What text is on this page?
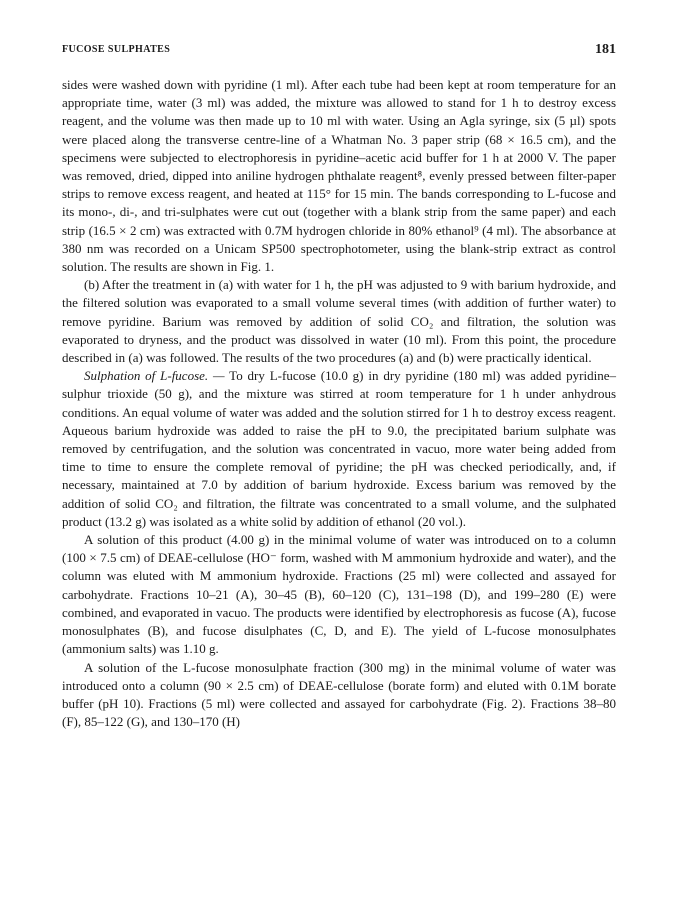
FUCOSE SULPHATES	181

sides were washed down with pyridine (1 ml). After each tube had been kept at room temperature for an appropriate time, water (3 ml) was added, the mixture was allowed to stand for 1 h to destroy excess reagent, and the volume was then made up to 10 ml with water. Using an Agla syringe, six (5 µl) spots were placed along the transverse centre-line of a Whatman No. 3 paper strip (68 × 16.5 cm), and the specimens were subjected to electrophoresis in pyridine–acetic acid buffer for 1 h at 2000 V. The paper was removed, dried, dipped into aniline hydrogen phthalate reagent⁸, evenly pressed between filter-paper strips to remove excess reagent, and heated at 115° for 15 min. The bands corresponding to L-fucose and its mono-, di-, and tri-sulphates were cut out (together with a blank strip from the same paper) and each strip (16.5 × 2 cm) was extracted with 0.7M hydrogen chloride in 80% ethanol⁹ (4 ml). The absorbance at 380 nm was recorded on a Unicam SP500 spectrophotometer, using the blank-strip extract as control solution. The results are shown in Fig. 1.

(b) After the treatment in (a) with water for 1 h, the pH was adjusted to 9 with barium hydroxide, and the filtered solution was evaporated to a small volume several times (with addition of further water) to remove pyridine. Barium was removed by addition of solid CO₂ and filtration, the solution was evaporated to dryness, and the product was dissolved in water (10 ml). From this point, the procedure described in (a) was followed. The results of the two procedures (a) and (b) were practically identical.

Sulphation of L-fucose. — To dry L-fucose (10.0 g) in dry pyridine (180 ml) was added pyridine–sulphur trioxide (50 g), and the mixture was stirred at room temperature for 1 h under anhydrous conditions. An equal volume of water was added and the solution stirred for 1 h to destroy excess reagent. Aqueous barium hydroxide was added to raise the pH to 9.0, the precipitated barium sulphate was removed by centrifugation, and the solution was concentrated in vacuo, more water being added from time to time to ensure the complete removal of pyridine; the pH was checked periodically, and, if necessary, maintained at 7.0 by addition of barium hydroxide. Excess barium was removed by the addition of solid CO₂ and filtration, the filtrate was concentrated to a small volume, and the sulphated product (13.2 g) was isolated as a white solid by addition of ethanol (20 vol.).

A solution of this product (4.00 g) in the minimal volume of water was introduced on to a column (100 × 7.5 cm) of DEAE-cellulose (HO⁻ form, washed with M ammonium hydroxide and water), and the column was eluted with M ammonium hydroxide. Fractions (25 ml) were collected and assayed for carbohydrate. Fractions 10–21 (A), 30–45 (B), 60–120 (C), 131–198 (D), and 199–280 (E) were combined, and evaporated in vacuo. The products were identified by electrophoresis as fucose (A), fucose monosulphates (B), and fucose disulphates (C, D, and E). The yield of L-fucose monosulphates (ammonium salts) was 1.10 g.

A solution of the L-fucose monosulphate fraction (300 mg) in the minimal volume of water was introduced onto a column (90 × 2.5 cm) of DEAE-cellulose (borate form) and eluted with 0.1M borate buffer (pH 10). Fractions (5 ml) were collected and assayed for carbohydrate (Fig. 2). Fractions 38–80 (F), 85–122 (G), and 130–170 (H)
